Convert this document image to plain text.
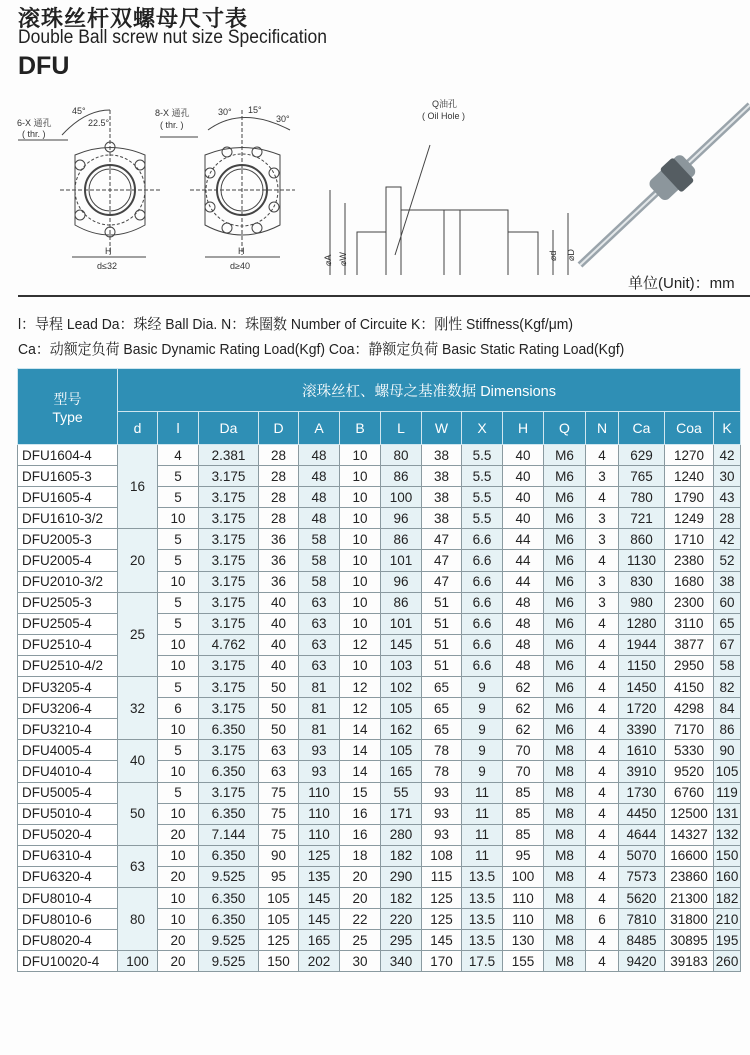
滚珠丝杆双螺母尺寸表
Double Ball screw nut size Specification
DFU
45°
22.5°
6-X 通孔
( thr. )
H
d≤32
30° 15°
30°
8-X 通孔
( thr. )
H
d≥40
Q油孔
( Oil Hole )
⌀A ⌀W	⌀d ⌀D
单位(Unit)：mm
l：导程 Lead Da：珠经 Ball Dia. N：珠圈数 Number of Circuite K：刚性 Stiffness(Kgf/μm)
Ca：动额定负荷 Basic Dynamic Rating Load(Kgf) Coa：静额定负荷 Basic Static Rating Load(Kgf)
型号
Type	滚珠丝杠、螺母之基准数据 Dimensions														
	d	l	Da	D	A	B	L	W	X	H	Q	N	Ca	Coa	K
DFU1604-4	16	4	2.381	28	48	10	80	38	5.5	40	M6	4	629	1270	42
DFU1605-3		5	3.175	28	48	10	86	38	5.5	40	M6	3	765	1240	30
DFU1605-4		5	3.175	28	48	10	100	38	5.5	40	M6	4	780	1790	43
DFU1610-3/2		10	3.175	28	48	10	96	38	5.5	40	M6	3	721	1249	28
DFU2005-3	20	5	3.175	36	58	10	86	47	6.6	44	M6	3	860	1710	42
DFU2005-4		5	3.175	36	58	10	101	47	6.6	44	M6	4	1130	2380	52
DFU2010-3/2		10	3.175	36	58	10	96	47	6.6	44	M6	3	830	1680	38
DFU2505-3	25	5	3.175	40	63	10	86	51	6.6	48	M6	3	980	2300	60
DFU2505-4		5	3.175	40	63	10	101	51	6.6	48	M6	4	1280	3110	65
DFU2510-4		10	4.762	40	63	12	145	51	6.6	48	M6	4	1944	3877	67
DFU2510-4/2		10	3.175	40	63	10	103	51	6.6	48	M6	4	1150	2950	58
DFU3205-4	32	5	3.175	50	81	12	102	65	9	62	M6	4	1450	4150	82
DFU3206-4		6	3.175	50	81	12	105	65	9	62	M6	4	1720	4298	84
DFU3210-4		10	6.350	50	81	14	162	65	9	62	M6	4	3390	7170	86
DFU4005-4	40	5	3.175	63	93	14	105	78	9	70	M8	4	1610	5330	90
DFU4010-4		10	6.350	63	93	14	165	78	9	70	M8	4	3910	9520	105
DFU5005-4	50	5	3.175	75	110	15	55	93	11	85	M8	4	1730	6760	119
DFU5010-4		10	6.350	75	110	16	171	93	11	85	M8	4	4450	12500	131
DFU5020-4		20	7.144	75	110	16	280	93	11	85	M8	4	4644	14327	132
DFU6310-4	63	10	6.350	90	125	18	182	108	11	95	M8	4	5070	16600	150
DFU6320-4		20	9.525	95	135	20	290	115	13.5	100	M8	4	7573	23860	160
DFU8010-4	80	10	6.350	105	145	20	182	125	13.5	110	M8	4	5620	21300	182
DFU8010-6		10	6.350	105	145	22	220	125	13.5	110	M8	6	7810	31800	210
DFU8020-4		20	9.525	125	165	25	295	145	13.5	130	M8	4	8485	30895	195
DFU10020-4	100	20	9.525	150	202	30	340	170	17.5	155	M8	4	9420	39183	260
